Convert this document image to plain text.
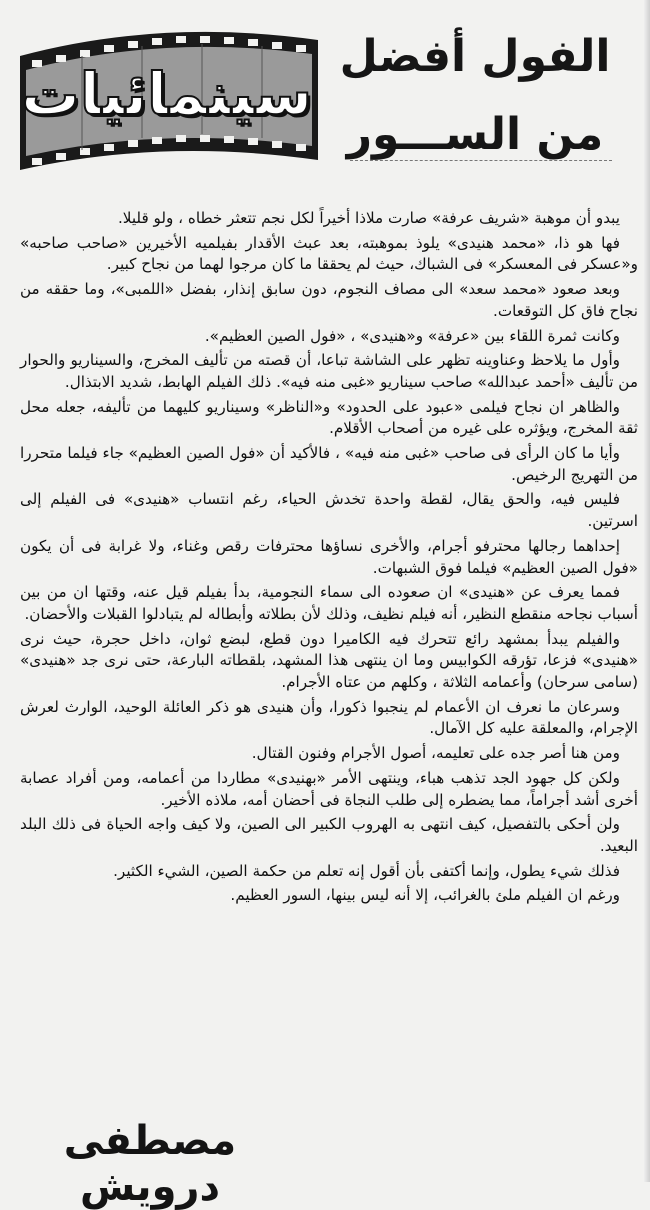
الفول أفضل
من الســـور
سينمائيات

يبدو أن موهبة «شريف عرفة» صارت ملاذا أخيراً لكل نجم تتعثر خطاه ، ولو قليلا.

فها هو ذا، «محمد هنيدى» يلوذ بموهبته، بعد عبث الأقدار بفيلميه الأخيرين «صاحب صاحبه» و«عسكر فى المعسكر» فى الشباك، حيث لم يحققا ما كان مرجوا لهما من نجاح كبير.

وبعد صعود «محمد سعد» الى مصاف النجوم، دون سابق إنذار، بفضل «اللمبى»، وما حققه من نجاح فاق كل التوقعات.

وكانت ثمرة اللقاء بين «عرفة» و«هنيدى» ، «فول الصين العظيم».

وأول ما يلاحظ وعناوينه تظهر على الشاشة تباعا، أن قصته من تأليف المخرج، والسيناريو والحوار من تأليف «أحمد عبدالله» صاحب سيناريو «غبى منه فيه». ذلك الفيلم الهابط، شديد الابتذال.

والظاهر ان نجاح فيلمى «عبود على الحدود» و«الناظر» وسيناريو كليهما من تأليفه، جعله محل ثقة المخرج، ويؤثره على غيره من أصحاب الأقلام.

وأيا ما كان الرأى فى صاحب «غبى منه فيه» ، فالأكيد أن «فول الصين العظيم» جاء فيلما متحررا من التهريج الرخيص.

فليس فيه، والحق يقال، لقطة واحدة تخدش الحياء، رغم انتساب «هنيدى» فى الفيلم إلى اسرتين.

إحداهما رجالها محترفو أجرام، والأخرى نساؤها محترفات رقص وغناء، ولا غرابة فى أن يكون «فول الصين العظيم» فيلما فوق الشبهات.

فمما يعرف عن «هنيدى» ان صعوده الى سماء النجومية، بدأ بفيلم قيل عنه، وقتها ان من بين أسباب نجاحه منقطع النظير، أنه فيلم نظيف، وذلك لأن بطلاته وأبطاله لم يتبادلوا القبلات والأحضان.

والفيلم يبدأ بمشهد رائع تتحرك فيه الكاميرا دون قطع، لبضع ثوان، داخل حجرة، حيث نرى «هنيدى» فزعا، تؤرقه الكوابيس وما ان ينتهى هذا المشهد، بلقطاته البارعة، حتى نرى جد «هنيدى» (سامى سرحان) وأعمامه الثلاثة ، وكلهم من عتاه الأجرام.

وسرعان ما نعرف ان الأعمام لم ينجبوا ذكورا، وأن هنيدى هو ذكر العائلة الوحيد، الوارث لعرش الإجرام، والمعلقة عليه كل الآمال.

ومن هنا أصر جده على تعليمه، أصول الأجرام وفنون القتال.

ولكن كل جهود الجد تذهب هباء، وينتهى الأمر «بهنيدى» مطاردا من أعمامه، ومن أفراد عصابة أخرى أشد أجراماً، مما يضطره إلى طلب النجاة فى أحضان أمه، ملاذه الأخير.

ولن أحكى بالتفصيل، كيف انتهى به الهروب الكبير الى الصين، ولا كيف واجه الحياة فى ذلك البلد البعيد.

فذلك شيء يطول، وإنما أكتفى بأن أقول إنه تعلم من حكمة الصين، الشيء الكثير.

ورغم ان الفيلم ملئ بالغرائب، إلا أنه ليس بينها، السور العظيم.

مصطفى درويش
